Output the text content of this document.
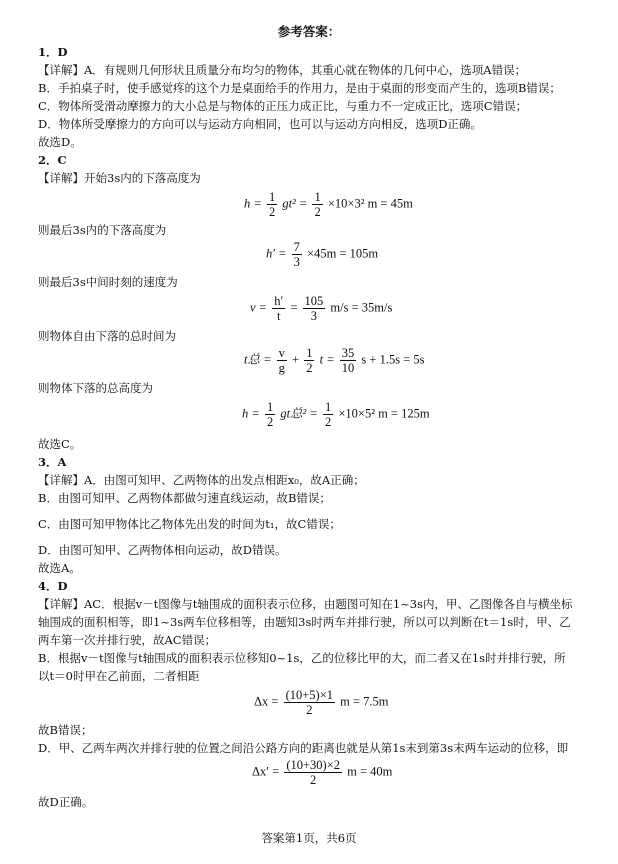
参考答案：
1．D
【详解】A．有规则几何形状且质量分布均匀的物体，其重心就在物体的几何中心，选项A错误；
B．手拍桌子时，使手感觉疼的这个力是桌面给手的作用力，是由于桌面的形变而产生的，选项B错误；
C．物体所受滑动摩擦力的大小总是与物体的正压力成正比，与重力不一定成正比，选项C错误；
D．物体所受摩擦力的方向可以与运动方向相同，也可以与运动方向相反，选项D正确。
故选D。
2．C
【详解】开始3s内的下落高度为
$h = \frac{1}{2} gt^2 = \frac{1}{2} \times 10\times 3^2$ m = 45m
则最后3s内的下落高度为
$h' = \frac{7}{3} \times 45m = 105m$
则最后3s中间时刻的速度为
$v = \frac{h'}{t} = \frac{105}{3} m/s = 35m/s$
则物体自由下落的总时间为
t总 = $\frac{v}{g} + \frac{1}{2}$ $t = \frac{35}{10}$ s + 1.5s = 5s
则物体下落的总高度为
$h = \frac{1}{2}$ gt总$^2 = \frac{1}{2} \times 10\times 5^2$ m = 125m
故选C。
3．A
【详解】A．由图可知甲、乙两物体的出发点相距x₀，故A正确；
B．由图可知甲、乙两物体都做匀速直线运动，故B错误；
C．由图可知甲物体比乙物体先出发的时间为t₁，故C错误；
D．由图可知甲、乙两物体相向运动，故D错误。
故选A。
4．D
【详解】AC．根据v－t图像与t轴围成的面积表示位移，由题图可知在1~3s内，甲、乙图像各自与横坐标
轴围成的面积相等，即1~3s两车位移相等，由题知3s时两车并排行驶，所以可以判断在t＝1s时，甲、乙
两车第一次并排行驶，故AC错误；
B．根据v－t图像与t轴围成的面积表示位移知0~1s，乙的位移比甲的大，而二者又在1s时并排行驶，所
以t＝0时甲在乙前面，二者相距
$\Delta x = \frac{(10+5)\times 1}{2}$ m = 7.5m
故B错误；
D．甲、乙两车两次并排行驶的位置之间沿公路方向的距离也就是从第1s末到第3s末两车运动的位移，即
$\Delta x' = \frac{(10+30)\times 2}{2}$ m = 40m
故D正确。
答案第1页，共6页
